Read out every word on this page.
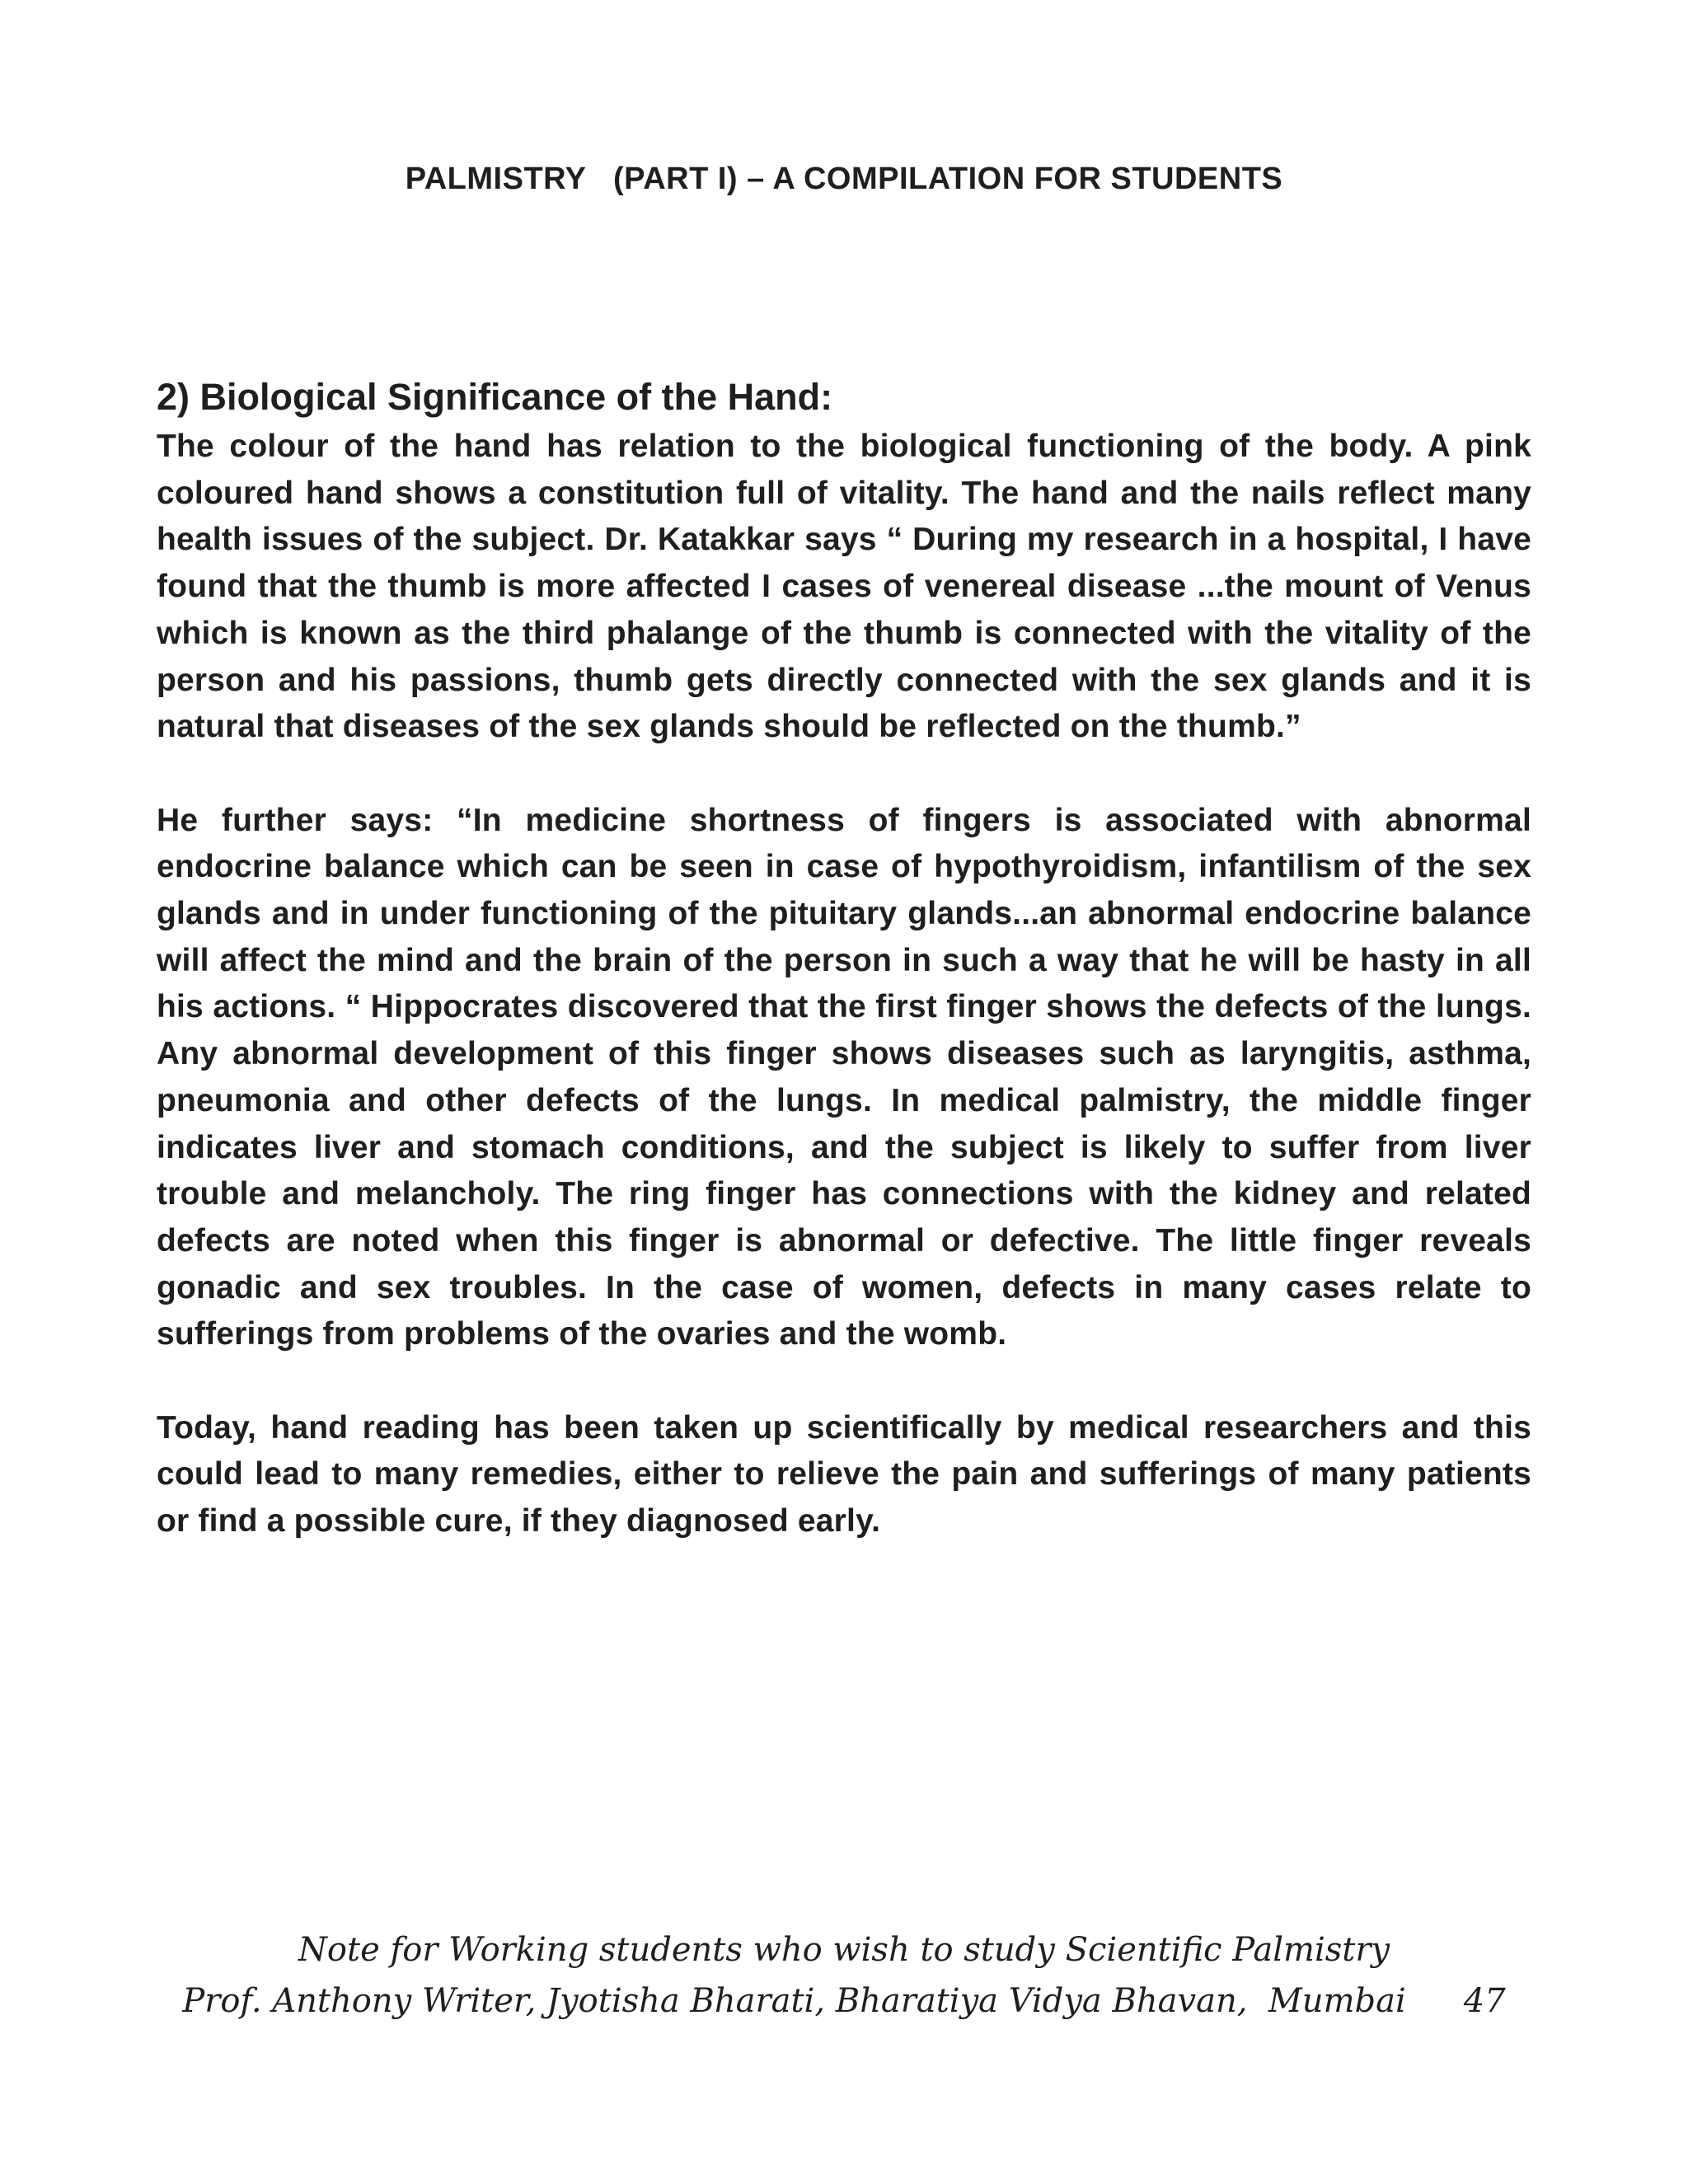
PALMISTRY   (PART I) – A COMPILATION FOR STUDENTS
2) Biological Significance of the Hand:

The colour of the hand has relation to the biological functioning of the body. A pink coloured hand shows a constitution full of vitality. The hand and the nails reflect many health issues of the subject. Dr. Katakkar says “ During my research in a hospital, I have found that the thumb is more affected I cases of venereal disease ...the mount of Venus which is known as the third phalange of the thumb is connected with the vitality of the person and his passions, thumb gets directly connected with the sex glands and it is natural that diseases of the sex glands should be reflected on the thumb.”

He further says: “In medicine shortness of fingers is associated with abnormal endocrine balance which can be seen in case of hypothyroidism, infantilism of the sex glands and in under functioning of the pituitary glands...an abnormal endocrine balance will affect the mind and the brain of the person in such a way that he will be hasty in all his actions. “ Hippocrates discovered that the first finger shows the defects of the lungs. Any abnormal development of this finger shows diseases such as laryngitis, asthma, pneumonia and other defects of the lungs. In medical palmistry, the middle finger indicates liver and stomach conditions, and the subject is likely to suffer from liver trouble and melancholy. The ring finger has connections with the kidney and related defects are noted when this finger is abnormal or defective. The little finger reveals gonadic and sex troubles. In the case of women, defects in many cases relate to sufferings from problems of the ovaries and the womb.

Today, hand reading has been taken up scientifically by medical researchers and this could lead to many remedies, either to relieve the pain and sufferings of many patients or find a possible cure, if they diagnosed early.

Note for Working students who wish to study Scientific Palmistry
Prof. Anthony Writer, Jyotisha Bharati, Bharatiya Vidya Bhavan,  Mumbai 47
